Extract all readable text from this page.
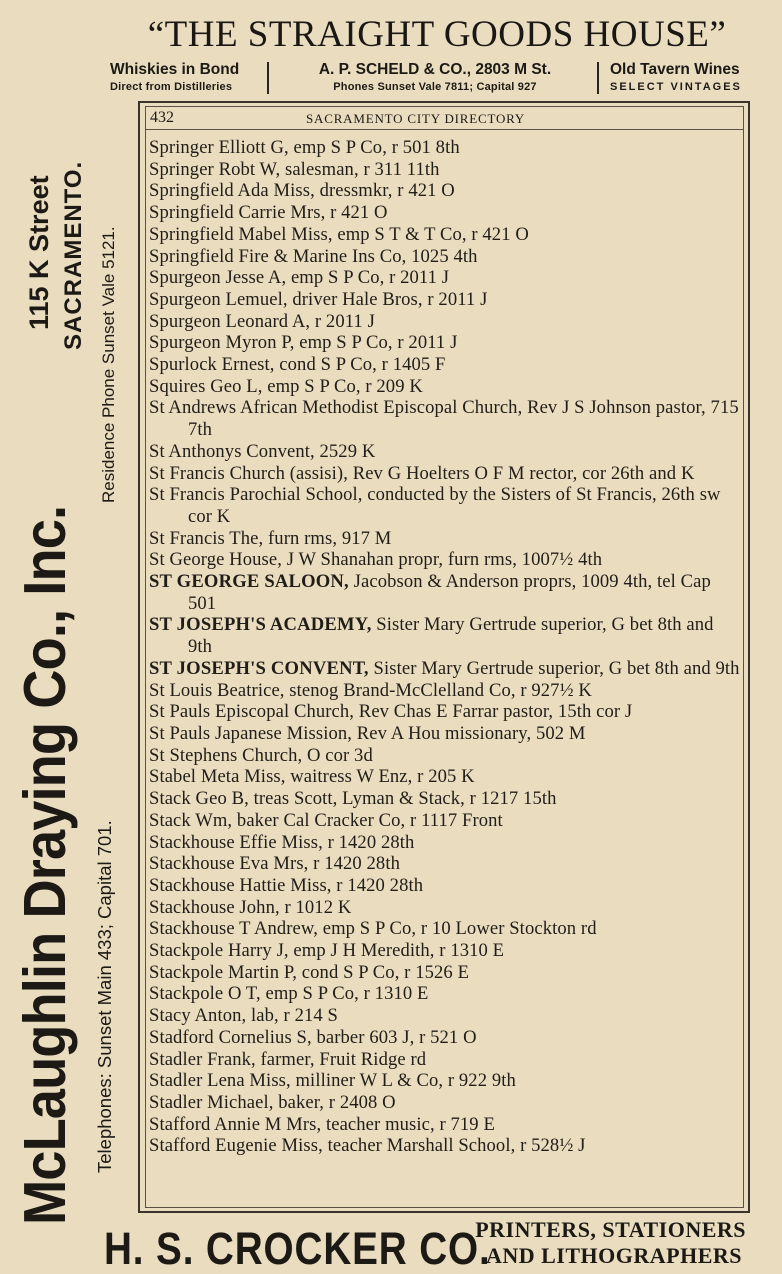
“THE STRAIGHT GOODS HOUSE”
Whiskies in Bond
Direct from Distilleries
A. P. SCHELD & CO., 2803 M St.
Phones Sunset Vale 7811; Capital 927
Old Tavern Wines
SELECT VINTAGES
McLaughlin Draying Co., Inc. Telephones: Sunset Main 433; Capital 701.
115 K Street SACRAMENTO. Residence Phone Sunset Vale 5121.
432	SACRAMENTO CITY DIRECTORY
Springer Elliott G, emp S P Co, r 501 8th
Springer Robt W, salesman, r 311 11th
Springfield Ada Miss, dressmkr, r 421 O
Springfield Carrie Mrs, r 421 O
Springfield Mabel Miss, emp S T & T Co, r 421 O
Springfield Fire & Marine Ins Co, 1025 4th
Spurgeon Jesse A, emp S P Co, r 2011 J
Spurgeon Lemuel, driver Hale Bros, r 2011 J
Spurgeon Leonard A, r 2011 J
Spurgeon Myron P, emp S P Co, r 2011 J
Spurlock Ernest, cond S P Co, r 1405 F
Squires Geo L, emp S P Co, r 209 K
St Andrews African Methodist Episcopal Church, Rev J S Johnson pastor, 715 7th
St Anthonys Convent, 2529 K
St Francis Church (assisi), Rev G Hoelters O F M rector, cor 26th and K
St Francis Parochial School, conducted by the Sisters of St Francis, 26th sw cor K
St Francis The, furn rms, 917 M
St George House, J W Shanahan propr, furn rms, 1007½ 4th
ST GEORGE SALOON, Jacobson & Anderson proprs, 1009 4th, tel Cap 501
ST JOSEPH'S ACADEMY, Sister Mary Gertrude superior, G bet 8th and 9th
ST JOSEPH'S CONVENT, Sister Mary Gertrude superior, G bet 8th and 9th
St Louis Beatrice, stenog Brand-McClelland Co, r 927½ K
St Pauls Episcopal Church, Rev Chas E Farrar pastor, 15th cor J
St Pauls Japanese Mission, Rev A Hou missionary, 502 M
St Stephens Church, O cor 3d
Stabel Meta Miss, waitress W Enz, r 205 K
Stack Geo B, treas Scott, Lyman & Stack, r 1217 15th
Stack Wm, baker Cal Cracker Co, r 1117 Front
Stackhouse Effie Miss, r 1420 28th
Stackhouse Eva Mrs, r 1420 28th
Stackhouse Hattie Miss, r 1420 28th
Stackhouse John, r 1012 K
Stackhouse T Andrew, emp S P Co, r 10 Lower Stockton rd
Stackpole Harry J, emp J H Meredith, r 1310 E
Stackpole Martin P, cond S P Co, r 1526 E
Stackpole O T, emp S P Co, r 1310 E
Stacy Anton, lab, r 214 S
Stadford Cornelius S, barber 603 J, r 521 O
Stadler Frank, farmer, Fruit Ridge rd
Stadler Lena Miss, milliner W L & Co, r 922 9th
Stadler Michael, baker, r 2408 O
Stafford Annie M Mrs, teacher music, r 719 E
Stafford Eugenie Miss, teacher Marshall School, r 528½ J
H. S. CROCKER CO.
PRINTERS, STATIONERS
AND LITHOGRAPHERS
